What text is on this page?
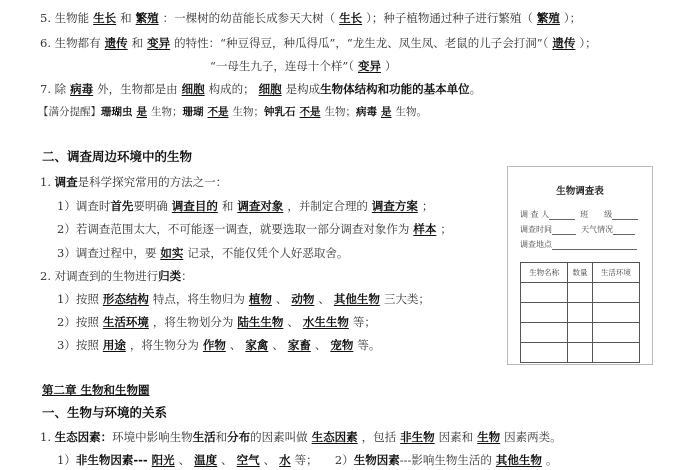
5. 生物能 生长 和 繁殖 ：一棵树的幼苗能长成参天大树（ 生长 ）；种子植物通过种子进行繁殖（ 繁殖 ）；
6. 生物都有 遗传 和 变异 的特性：“种豆得豆，种瓜得瓜”，“龙生龙、凤生凤、老鼠的儿子会打洞”（ 遗传 ）；
“一母生九子，连母十个样”（ 变异 ）
7. 除 病毒 外，生物都是由 细胞 构成的； 细胞 是构成生物体结构和功能的基本单位。
【满分提醒】珊瑚虫 是 生物；珊瑚 不是 生物；钟乳石 不是 生物；病毒 是 生物。
二、调查周边环境中的生物
1. 调查是科学探究常用的方法之一：
1）调查时首先要明确 调查目的 和 调查对象 ，并制定合理的 调查方案 ；
2）若调查范围太大，不可能逐一调查，就要选取一部分调查对象作为 样本 ；
3）调查过程中，要 如实 记录，不能仅凭个人好恶取舍。
2. 对调查到的生物进行归类：
1）按照 形态结构 特点，将生物归为 植物 、 动物 、 其他生物 三大类；
2）按照 生活环境 ，将生物划分为 陆生生物 、 水生生物 等；
3）按照 用途 ，将生物分为 作物 、 家禽 、 家畜 、 宠物 等。
第二章 生物和生物圈
一、生物与环境的关系
1. 生态因素：环境中影响生物生活和分布的因素叫做 生态因素 ，包括 非生物 因素和 生物 因素两类。
1）非生物因素--- 阳光 、 温度 、 空气 、 水 等；　　2）生物因素---影响生物生活的 其他生物 。
生物调查表
调 查 人	班　　级
调查时间	天气情况
调查地点
生物名称	数量	生活环境
